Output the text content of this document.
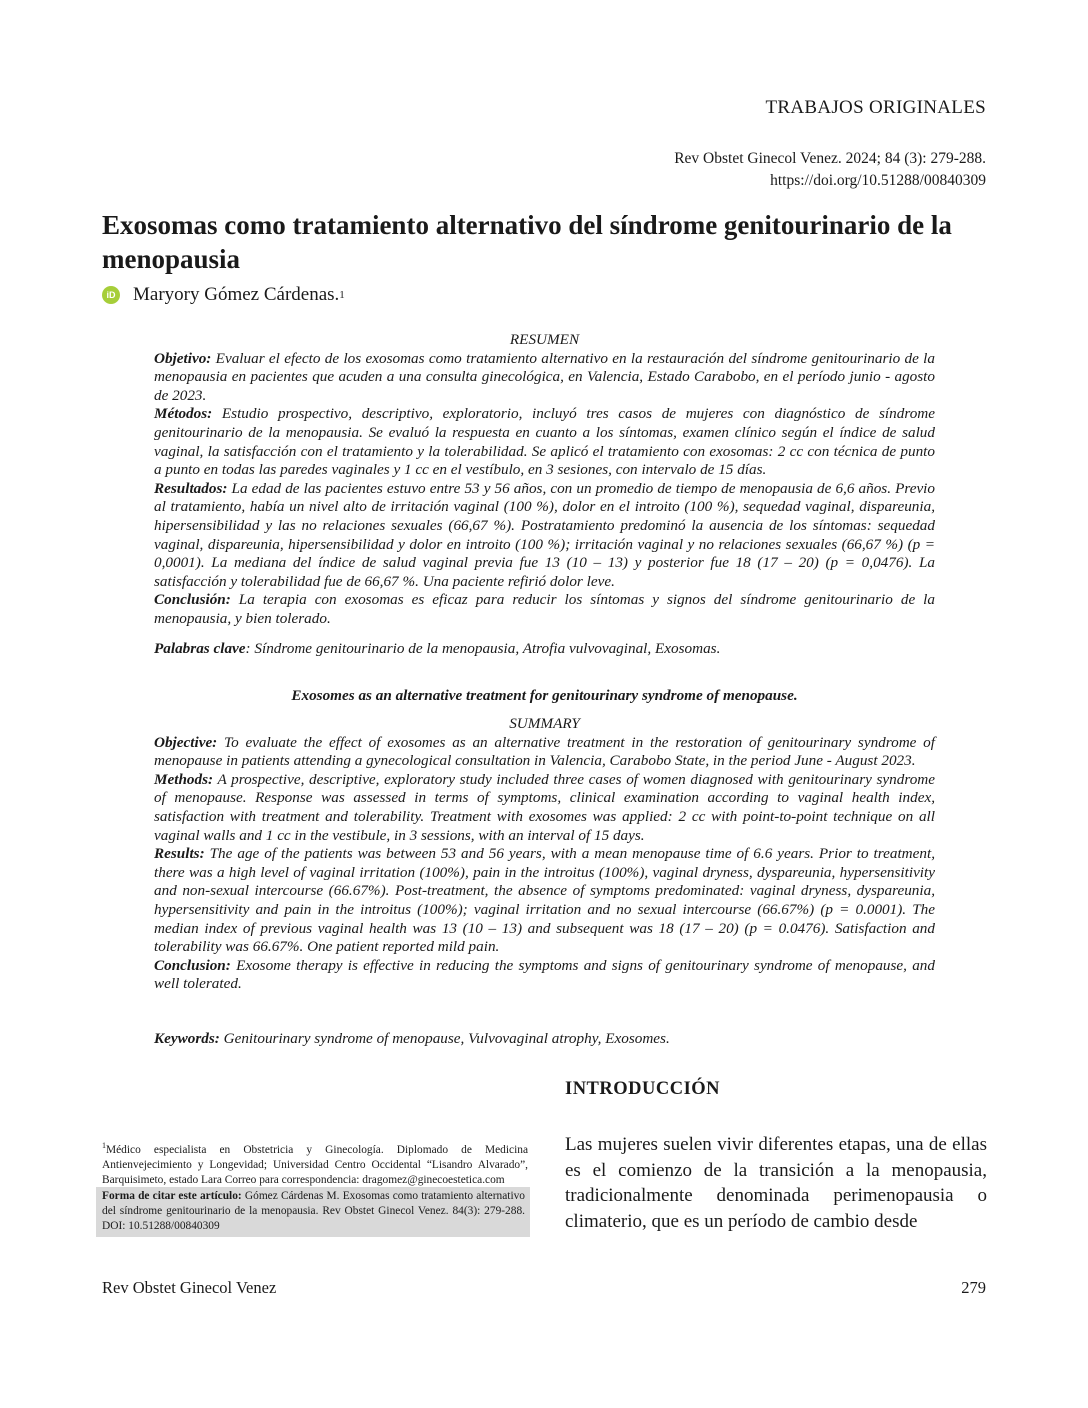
TRABAJOS ORIGINALES
Rev Obstet Ginecol Venez. 2024; 84 (3): 279-288.
https://doi.org/10.51288/00840309
Exosomas como tratamiento alternativo del síndrome genitourinario de la menopausia
iD Maryory Gómez Cárdenas. 1

RESUMEN

Objetivo: Evaluar el efecto de los exosomas como tratamiento alternativo en la restauración del síndrome genitourinario de la menopausia en pacientes que acuden a una consulta ginecológica, en Valencia, Estado Carabobo, en el período junio - agosto de 2023.

Métodos: Estudio prospectivo, descriptivo, exploratorio, incluyó tres casos de mujeres con diagnóstico de síndrome genitourinario de la menopausia. Se evaluó la respuesta en cuanto a los síntomas, examen clínico según el índice de salud vaginal, la satisfacción con el tratamiento y la tolerabilidad. Se aplicó el tratamiento con exosomas: 2 cc con técnica de punto a punto en todas las paredes vaginales y 1 cc en el vestíbulo, en 3 sesiones, con intervalo de 15 días.

Resultados: La edad de las pacientes estuvo entre 53 y 56 años, con un promedio de tiempo de menopausia de 6,6 años. Previo al tratamiento, había un nivel alto de irritación vaginal (100 %), dolor en el introito (100 %), sequedad vaginal, dispareunia, hipersensibilidad y las no relaciones sexuales (66,67 %). Postratamiento predominó la ausencia de los síntomas: sequedad vaginal, dispareunia, hipersensibilidad y dolor en introito (100 %); irritación vaginal y no relaciones sexuales (66,67 %) (p = 0,0001). La mediana del índice de salud vaginal previa fue 13 (10 – 13) y posterior fue 18 (17 – 20) (p = 0,0476). La satisfacción y tolerabilidad fue de 66,67 %. Una paciente refirió dolor leve.

Conclusión: La terapia con exosomas es eficaz para reducir los síntomas y signos del síndrome genitourinario de la menopausia, y bien tolerado.

Palabras clave: Síndrome genitourinario de la menopausia, Atrofia vulvovaginal, Exosomas.
Exosomes as an alternative treatment for genitourinary syndrome of menopause.

SUMMARY

Objective: To evaluate the effect of exosomes as an alternative treatment in the restoration of genitourinary syndrome of menopause in patients attending a gynecological consultation in Valencia, Carabobo State, in the period June - August 2023.

Methods: A prospective, descriptive, exploratory study included three cases of women diagnosed with genitourinary syndrome of menopause. Response was assessed in terms of symptoms, clinical examination according to vaginal health index, satisfaction with treatment and tolerability. Treatment with exosomes was applied: 2 cc with point-to-point technique on all vaginal walls and 1 cc in the vestibule, in 3 sessions, with an interval of 15 days.

Results: The age of the patients was between 53 and 56 years, with a mean menopause time of 6.6 years. Prior to treatment, there was a high level of vaginal irritation (100%), pain in the introitus (100%), vaginal dryness, dyspareunia, hypersensitivity and non-sexual intercourse (66.67%). Post-treatment, the absence of symptoms predominated: vaginal dryness, dyspareunia, hypersensitivity and pain in the introitus (100%); vaginal irritation and no sexual intercourse (66.67%) (p = 0.0001). The median index of previous vaginal health was 13 (10 – 13) and subsequent was 18 (17 – 20) (p = 0.0476). Satisfaction and tolerability was 66.67%. One patient reported mild pain.

Conclusion: Exosome therapy is effective in reducing the symptoms and signs of genitourinary syndrome of menopause, and well tolerated.

Keywords: Genitourinary syndrome of menopause, Vulvovaginal atrophy, Exosomes.
INTRODUCCIÓN
Las mujeres suelen vivir diferentes etapas, una de ellas es el comienzo de la transición a la menopausia, tradicionalmente denominada perimenopausia o climaterio, que es un período de cambio desde
$^1$Médico especialista en Obstetricia y Ginecología. Diplomado de Medicina Antienvejecimiento y Longevidad; Universidad Centro Occidental “Lisandro Alvarado”, Barquisimeto, estado Lara Correo para correspondencia: dragomez@ginecoestetica.com
Forma de citar este artículo: Gómez Cárdenas M. Exosomas como tratamiento alternativo del síndrome genitourinario de la menopausia. Rev Obstet Ginecol Venez. 84(3): 279-288. DOI: 10.51288/00840309
Rev Obstet Ginecol Venez	279
